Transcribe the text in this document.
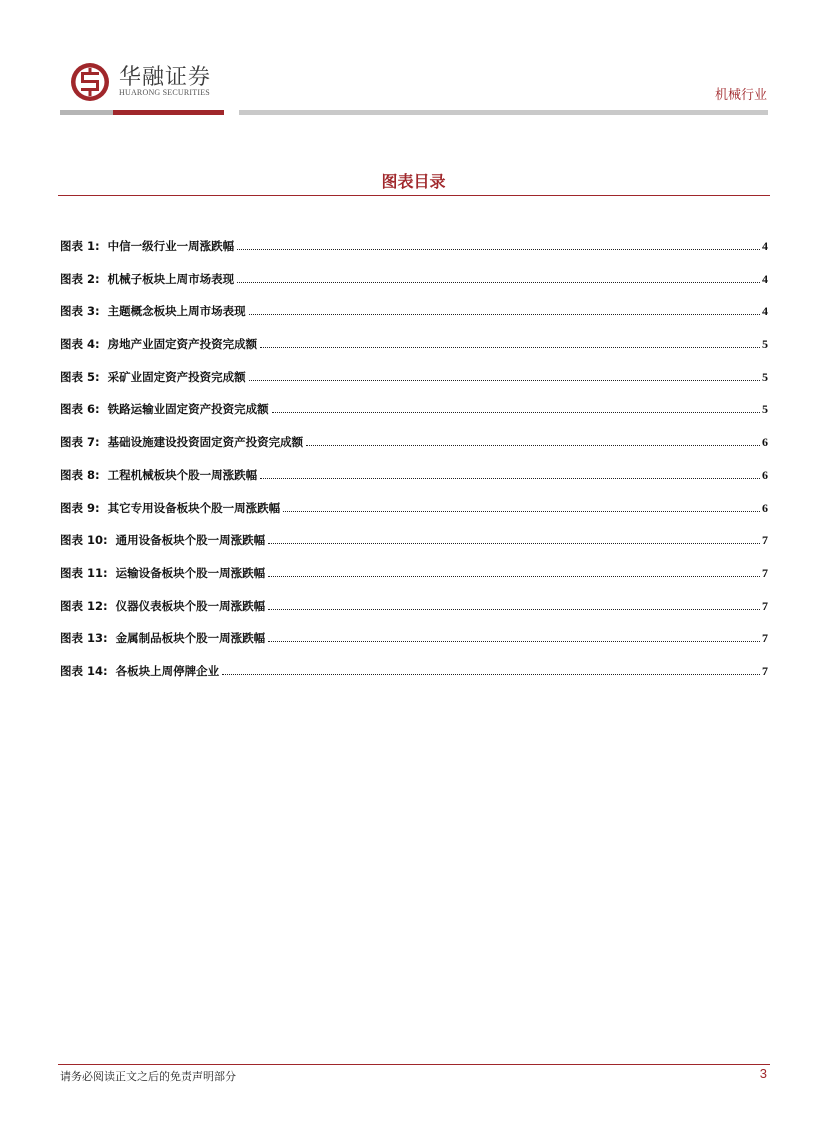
华融证券
HUARONG SECURITIES	机械行业
图表目录
图表 1: 中信一级行业一周涨跌幅	4
图表 2: 机械子板块上周市场表现	4
图表 3: 主题概念板块上周市场表现	4
图表 4: 房地产业固定资产投资完成额	5
图表 5: 采矿业固定资产投资完成额	5
图表 6: 铁路运输业固定资产投资完成额	5
图表 7: 基础设施建设投资固定资产投资完成额	6
图表 8: 工程机械板块个股一周涨跌幅	6
图表 9: 其它专用设备板块个股一周涨跌幅	6
图表 10: 通用设备板块个股一周涨跌幅	7
图表 11: 运输设备板块个股一周涨跌幅	7
图表 12: 仪器仪表板块个股一周涨跌幅	7
图表 13: 金属制品板块个股一周涨跌幅	7
图表 14: 各板块上周停牌企业	7
请务必阅读正文之后的免责声明部分	3
